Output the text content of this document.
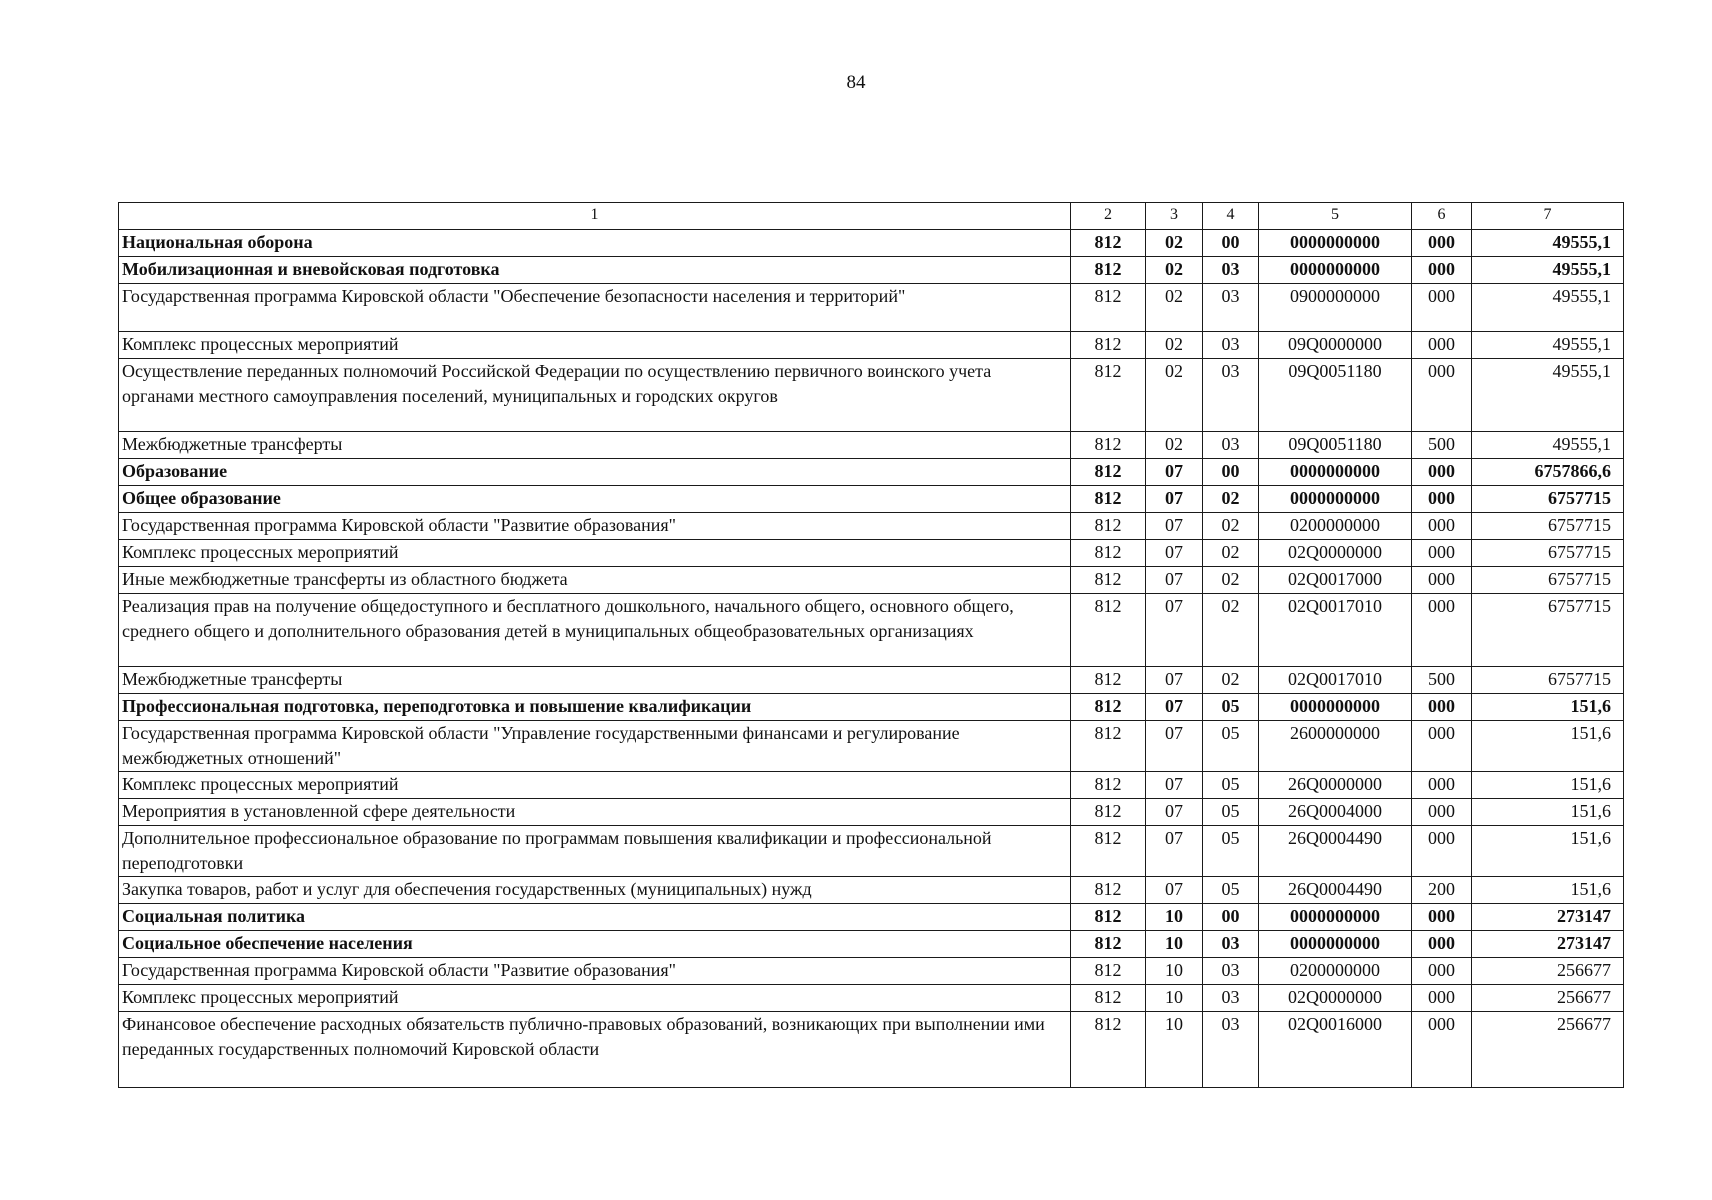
84
1	2	3	4	5	6	7
Национальная оборона	812	02	00	0000000000	000	49555,1
Мобилизационная и вневойсковая подготовка	812	02	03	0000000000	000	49555,1
Государственная программа Кировской области "Обеспечение безопасности населения и территорий"	812	02	03	0900000000	000	49555,1
Комплекс процессных мероприятий	812	02	03	09Q0000000	000	49555,1
Осуществление переданных полномочий Российской Федерации по осуществлению первичного воинского учета органами местного самоуправления поселений, муниципальных и городских округов	812	02	03	09Q0051180	000	49555,1
Межбюджетные трансферты	812	02	03	09Q0051180	500	49555,1
Образование	812	07	00	0000000000	000	6757866,6
Общее образование	812	07	02	0000000000	000	6757715
Государственная программа Кировской области "Развитие образования"	812	07	02	0200000000	000	6757715
Комплекс процессных мероприятий	812	07	02	02Q0000000	000	6757715
Иные межбюджетные трансферты из областного бюджета	812	07	02	02Q0017000	000	6757715
Реализация прав на получение общедоступного и бесплатного дошкольного, начального общего, основного общего, среднего общего и дополнительного образования детей в муниципальных общеобразовательных организациях	812	07	02	02Q0017010	000	6757715
Межбюджетные трансферты	812	07	02	02Q0017010	500	6757715
Профессиональная подготовка, переподготовка и повышение квалификации	812	07	05	0000000000	000	151,6
Государственная программа Кировской области "Управление государственными финансами и регулирование межбюджетных отношений"	812	07	05	2600000000	000	151,6
Комплекс процессных мероприятий	812	07	05	26Q0000000	000	151,6
Мероприятия в установленной сфере деятельности	812	07	05	26Q0004000	000	151,6
Дополнительное профессиональное образование по программам повышения квалификации и профессиональной переподготовки	812	07	05	26Q0004490	000	151,6
Закупка товаров, работ и услуг для обеспечения государственных (муниципальных) нужд	812	07	05	26Q0004490	200	151,6
Социальная политика	812	10	00	0000000000	000	273147
Социальное обеспечение населения	812	10	03	0000000000	000	273147
Государственная программа Кировской области "Развитие образования"	812	10	03	0200000000	000	256677
Комплекс процессных мероприятий	812	10	03	02Q0000000	000	256677
Финансовое обеспечение расходных обязательств публично-правовых образований, возникающих при выполнении ими переданных государственных полномочий Кировской области	812	10	03	02Q0016000	000	256677
